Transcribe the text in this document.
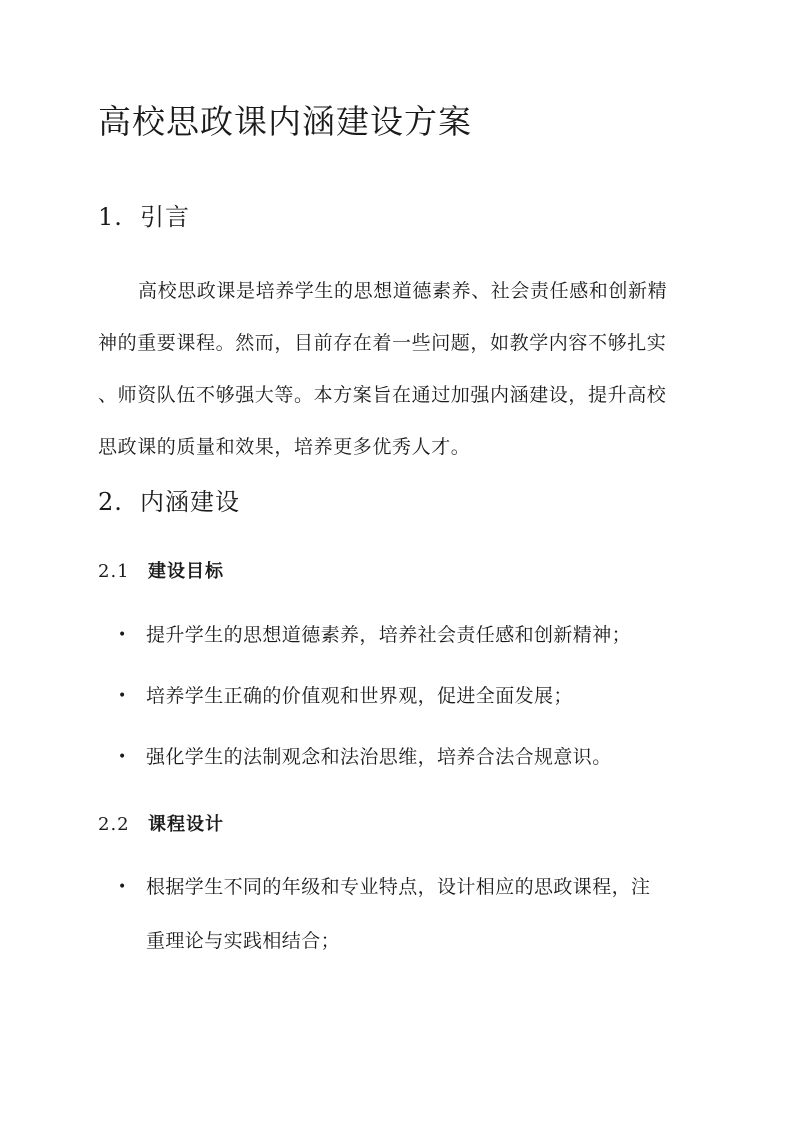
高校思政课内涵建设方案
1. 引言

高校思政课是培养学生的思想道德素养、社会责任感和创新精
神的重要课程。然而，目前存在着一些问题，如教学内容不够扎实
、师资队伍不够强大等。本方案旨在通过加强内涵建设，提升高校
思政课的质量和效果，培养更多优秀人才。

2. 内涵建设
2.1 建设目标
• 提升学生的思想道德素养，培养社会责任感和创新精神；
• 培养学生正确的价值观和世界观，促进全面发展；
• 强化学生的法制观念和法治思维，培养合法合规意识。
2.2 课程设计
• 根据学生不同的年级和专业特点，设计相应的思政课程，注
重理论与实践相结合；
